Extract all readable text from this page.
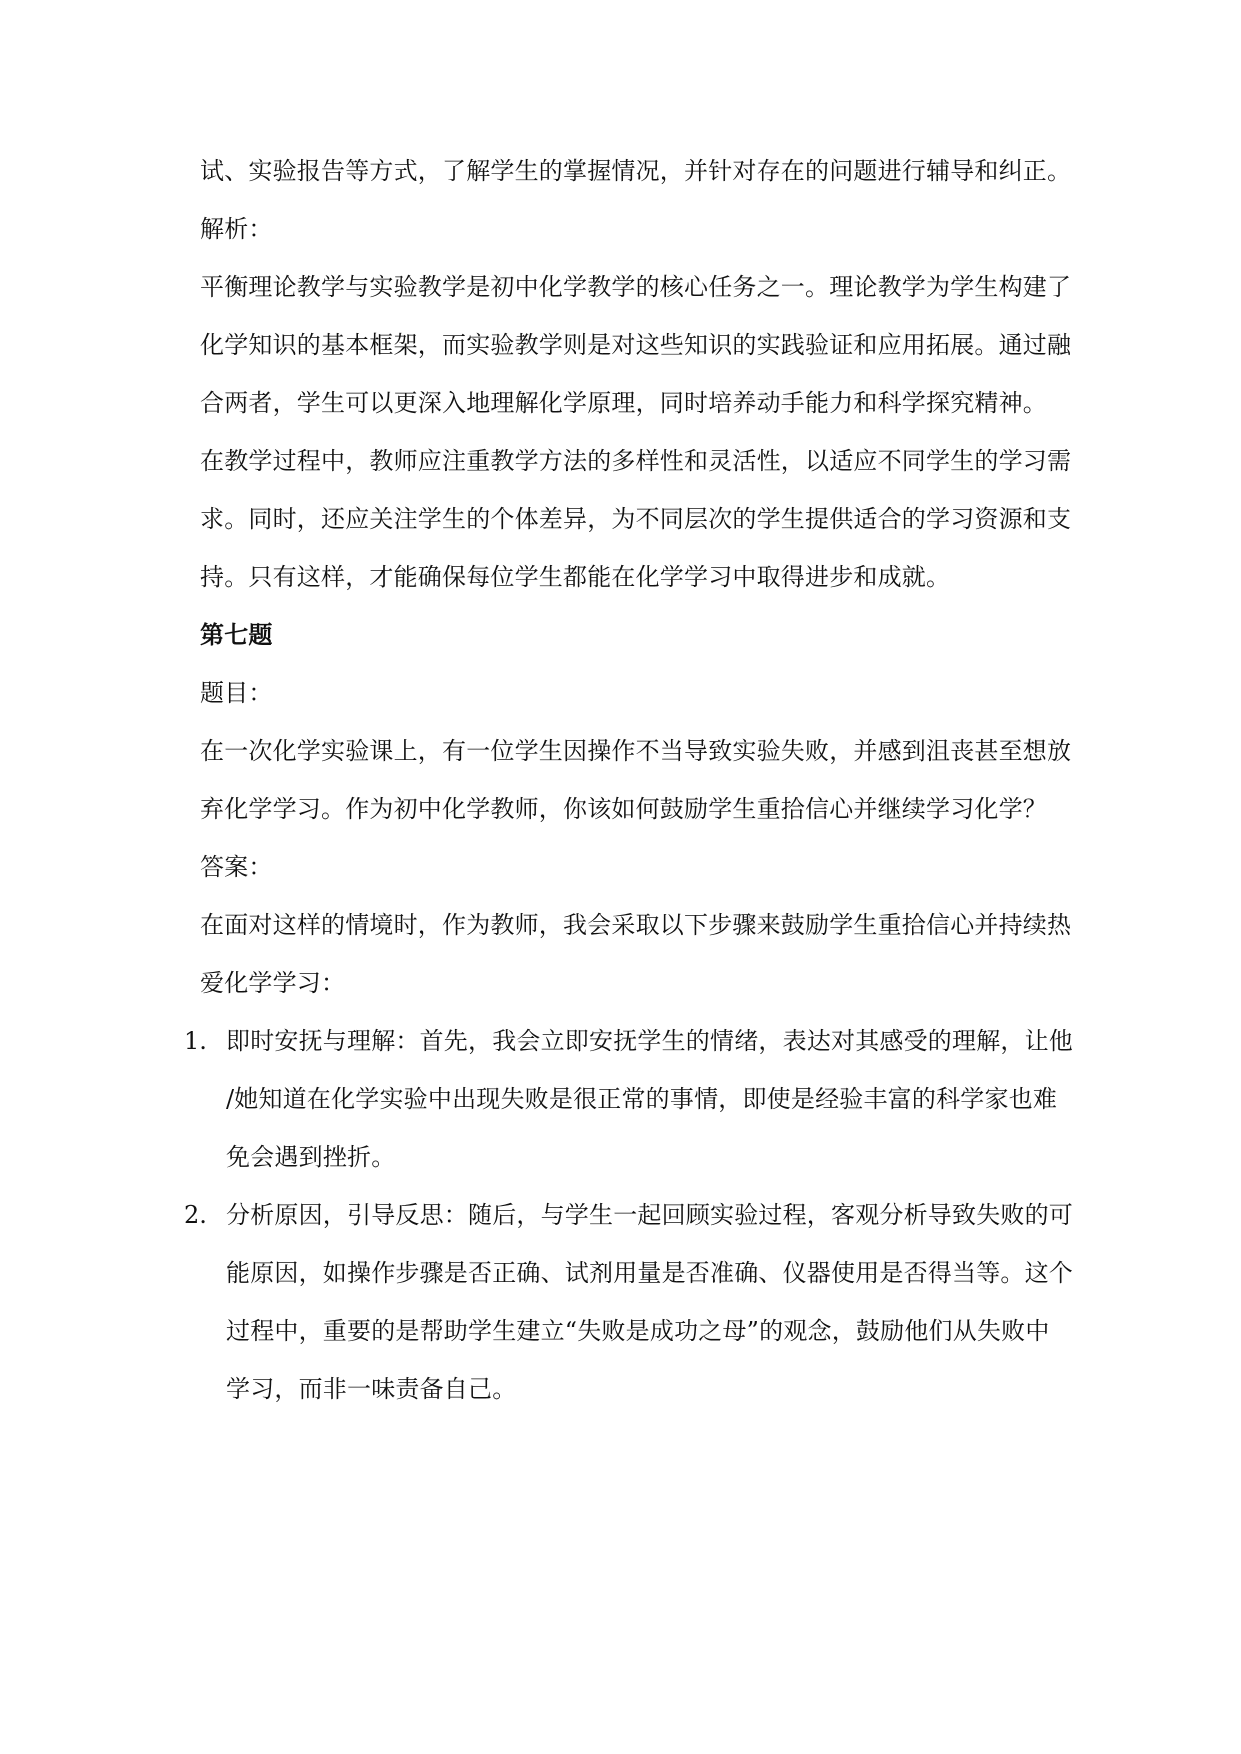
试、实验报告等方式，了解学生的掌握情况，并针对存在的问题进行辅导和纠正。
解析：
平衡理论教学与实验教学是初中化学教学的核心任务之一。理论教学为学生构建了
化学知识的基本框架，而实验教学则是对这些知识的实践验证和应用拓展。通过融
合两者，学生可以更深入地理解化学原理，同时培养动手能力和科学探究精神。
在教学过程中，教师应注重教学方法的多样性和灵活性，以适应不同学生的学习需
求。同时，还应关注学生的个体差异，为不同层次的学生提供适合的学习资源和支
持。只有这样，才能确保每位学生都能在化学学习中取得进步和成就。
第七题
题目：
在一次化学实验课上，有一位学生因操作不当导致实验失败，并感到沮丧甚至想放
弃化学学习。作为初中化学教师，你该如何鼓励学生重拾信心并继续学习化学？
答案：
在面对这样的情境时，作为教师，我会采取以下步骤来鼓励学生重拾信心并持续热
爱化学学习：
1. 即时安抚与理解：首先，我会立即安抚学生的情绪，表达对其感受的理解，让他
/她知道在化学实验中出现失败是很正常的事情，即使是经验丰富的科学家也难
免会遇到挫折。
2. 分析原因，引导反思：随后，与学生一起回顾实验过程，客观分析导致失败的可
能原因，如操作步骤是否正确、试剂用量是否准确、仪器使用是否得当等。这个
过程中，重要的是帮助学生建立“失败是成功之母”的观念，鼓励他们从失败中
学习，而非一味责备自己。
